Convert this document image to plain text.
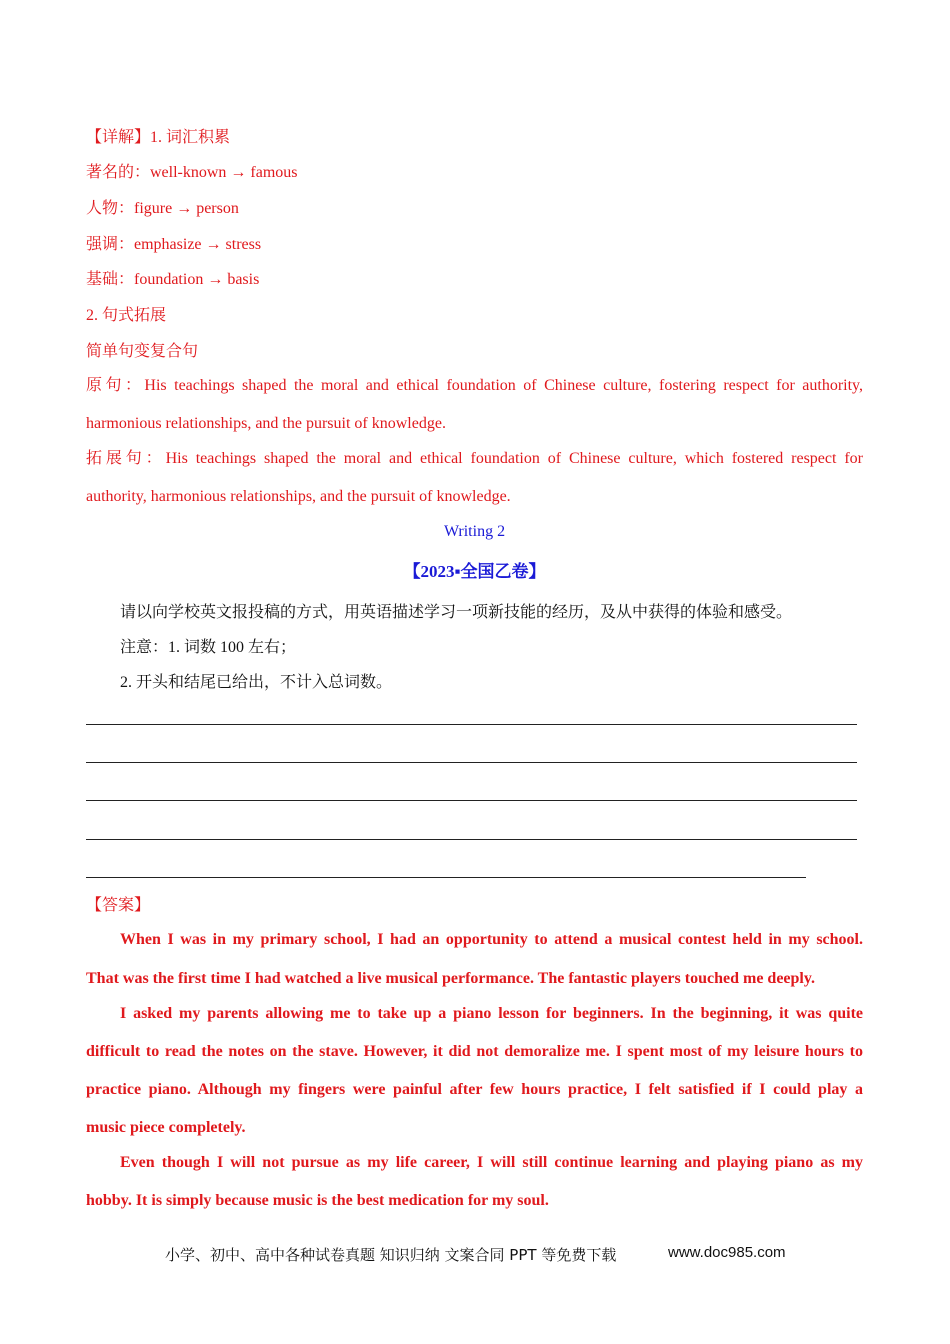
【详解】1. 词汇积累
著名的：well-known → famous
人物：figure → person
强调：emphasize → stress
基础：foundation → basis
2. 句式拓展
简单句变复合句
原句：His teachings shaped the moral and ethical foundation of Chinese culture, fostering respect for authority,
harmonious relationships, and the pursuit of knowledge.
拓展句：His teachings shaped the moral and ethical foundation of Chinese culture, which fostered respect for
authority, harmonious relationships, and the pursuit of knowledge.
Writing 2
【2023▪全国乙卷】
请以向学校英文报投稿的方式，用英语描述学习一项新技能的经历，及从中获得的体验和感受。
注意：1. 词数 100 左右；
2. 开头和结尾已给出，不计入总词数。
【答案】
When I was in my primary school, I had an opportunity to attend a musical contest held in my school.
That was the first time I had watched a live musical performance. The fantastic players touched me deeply.
I asked my parents allowing me to take up a piano lesson for beginners. In the beginning, it was quite
difficult to read the notes on the stave. However, it did not demoralize me. I spent most of my leisure hours to
practice piano. Although my fingers were painful after few hours practice, I felt satisfied if I could play a
music piece completely.
Even though I will not pursue as my life career, I will still continue learning and playing piano as my
hobby. It is simply because music is the best medication for my soul.
小学、初中、高中各种试卷真题 知识归纳 文案合同 PPT 等免费下载	www.doc985.com
